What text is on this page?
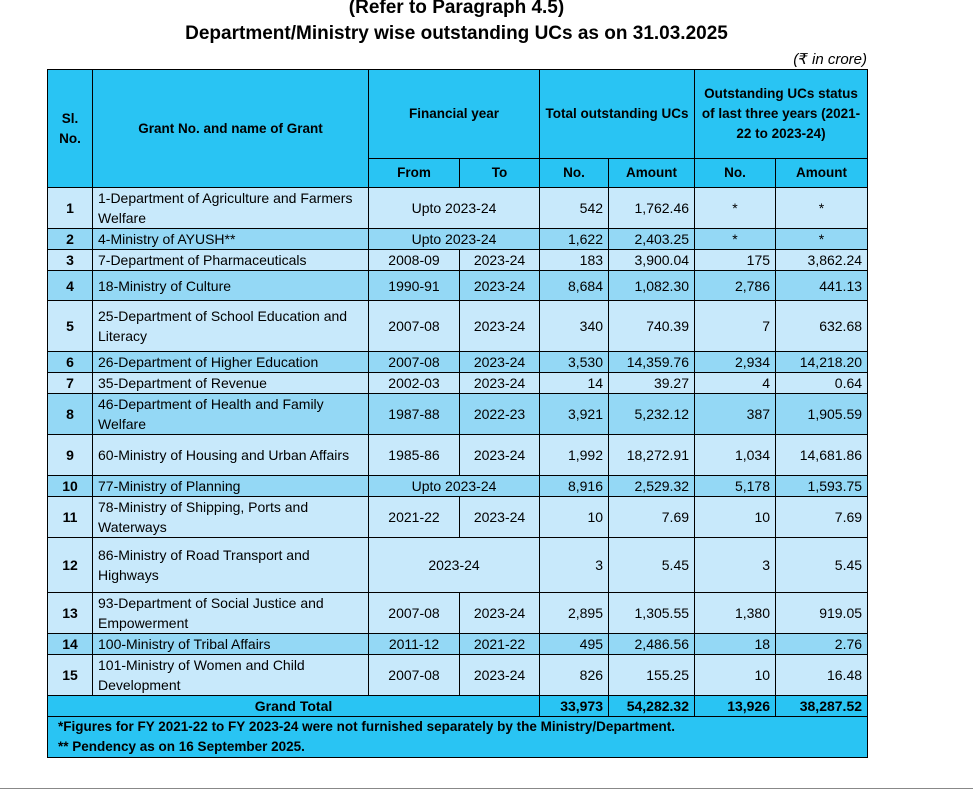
(Refer to Paragraph 4.5)
Department/Ministry wise outstanding UCs as on 31.03.2025
(₹ in crore)
Sl. No.	Grant No. and name of Grant	Financial year		Total outstanding UCs		Outstanding UCs status of last three years (2021-22 to 2023-24)	
		From	To	No.	Amount	No.	Amount
1	1-Department of Agriculture and Farmers Welfare	Upto 2023-24		542	1,762.46	*	*
2	4-Ministry of AYUSH**	Upto 2023-24		1,622	2,403.25	*	*
3	7-Department of Pharmaceuticals	2008-09	2023-24	183	3,900.04	175	3,862.24
4	18-Ministry of Culture	1990-91	2023-24	8,684	1,082.30	2,786	441.13
5	25-Department of School Education and Literacy	2007-08	2023-24	340	740.39	7	632.68
6	26-Department of Higher Education	2007-08	2023-24	3,530	14,359.76	2,934	14,218.20
7	35-Department of Revenue	2002-03	2023-24	14	39.27	4	0.64
8	46-Department of Health and Family Welfare	1987-88	2022-23	3,921	5,232.12	387	1,905.59
9	60-Ministry of Housing and Urban Affairs	1985-86	2023-24	1,992	18,272.91	1,034	14,681.86
10	77-Ministry of Planning	Upto 2023-24		8,916	2,529.32	5,178	1,593.75
11	78-Ministry of Shipping, Ports and Waterways	2021-22	2023-24	10	7.69	10	7.69
12	86-Ministry of Road Transport and Highways	2023-24		3	5.45	3	5.45
13	93-Department of Social Justice and Empowerment	2007-08	2023-24	2,895	1,305.55	1,380	919.05
14	100-Ministry of Tribal Affairs	2011-12	2021-22	495	2,486.56	18	2.76
15	101-Ministry of Women and Child Development	2007-08	2023-24	826	155.25	10	16.48
Grand Total				33,973	54,282.32	13,926	38,287.52

*Figures for FY 2021-22 to FY 2023-24 were not furnished separately by the Ministry/Department.
** Pendency as on 16 September 2025.							
